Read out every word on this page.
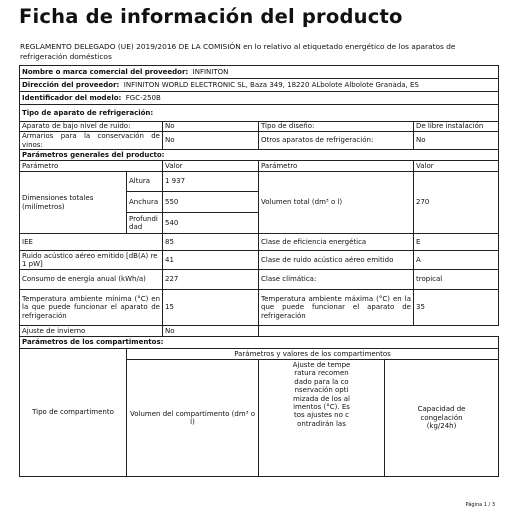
Ficha de información del producto
REGLAMENTO DELEGADO (UE) 2019/2016 DE LA COMISIÓN en lo relativo al etiquetado energético de los aparatos de refrigeración domésticos
Nombre o marca comercial del proveedor: INFINITON						
Dirección del proveedor: INFINITON WORLD ELECTRONIC SL, Baza 349, 18220 ALbolote Albolote Granada, ES						
Identificador del modelo: FGC-250B						
Tipo de aparato de refrigeración:						
Aparato de bajo nivel de ruido:		No	Tipo de diseño:		De libre instalación	
Armarios para la conservación de vinos:		No	Otros aparatos de refrigeración:		No	
Parámetros generales del producto:						
Parámetro		Valor	Parámetro		Valor	
Dimensiones totales (milímetros)	Altura	1 937	Volumen total (dm³ o l)		270	
	Anchura	550				
	Profundidad	540				
IEE		85	Clase de eficiencia energética		E	
Ruido acústico aéreo emitido [dB(A) re 1 pW]		41	Clase de ruido acústico aéreo emitido		A	
Consumo de energía anual (kWh/a)		227	Clase climática:		tropical	
Temperatura ambiente mínima (°C) en la que puede funcionar el aparato de refrigeración		15	Temperatura ambiente máxima (°C) en la que puede funcionar el aparato de refrigeración		35	
Ajuste de invierno		No				
Parámetros de los compartimentos:						
Tipo de compartimento	Parámetros y valores de los compartimentos					
	Volumen del compartimento (dm³ o l)		Ajuste de temperatura recomendado para la conservación optimizada de los alimentos (°C). Estos ajustes no contradirán las	Capacidad de congelación (kg/24h)

Página 1 / 3
